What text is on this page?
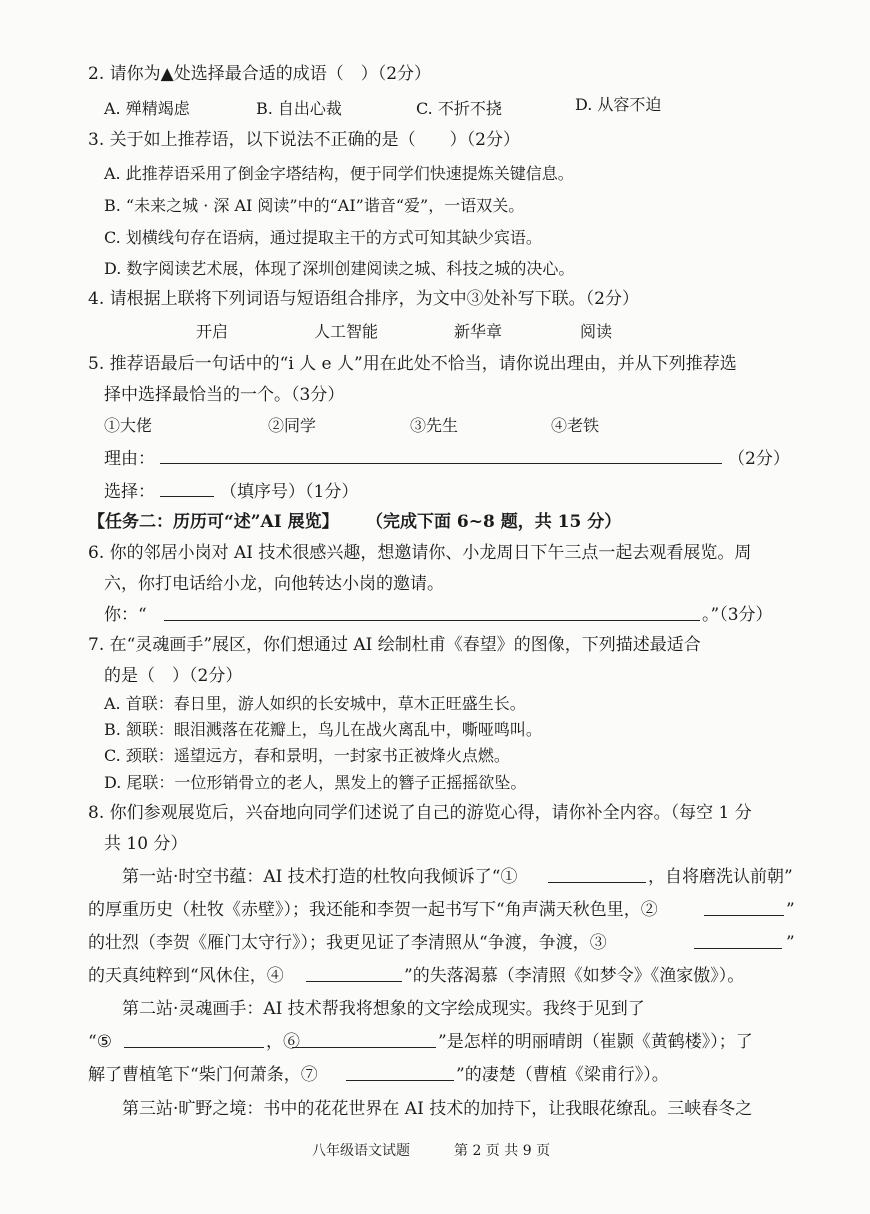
2. 请你为▲处选择最合适的成语（　）（2分）
A. 殚精竭虑	B. 自出心裁	C. 不折不挠	D. 从容不迫
3. 关于如上推荐语，以下说法不正确的是（　　）（2分）
A. 此推荐语采用了倒金字塔结构，便于同学们快速提炼关键信息。
B. “未来之城 · 深 AI 阅读”中的“AI”谐音“爱”，一语双关。
C. 划横线句存在语病，通过提取主干的方式可知其缺少宾语。
D. 数字阅读艺术展，体现了深圳创建阅读之城、科技之城的决心。
4. 请根据上联将下列词语与短语组合排序，为文中③处补写下联。（2分）
开启	人工智能	新华章	阅读
5. 推荐语最后一句话中的“i 人 e 人”用在此处不恰当，请你说出理由，并从下列推荐选
择中选择最恰当的一个。（3分）
①大佬	②同学	③先生	④老铁
理由：	（2分）
选择：	（填序号）（1分）
【任务二：历历可“述”AI 展览】 （完成下面 6~8 题，共 15 分）
6. 你的邻居小岗对 AI 技术很感兴趣，想邀请你、小龙周日下午三点一起去观看展览。周
六，你打电话给小龙，向他转达小岗的邀请。
你：“	。”（3分）
7. 在“灵魂画手”展区，你们想通过 AI 绘制杜甫《春望》的图像，下列描述最适合
的是（　）（2分）
A. 首联：春日里，游人如织的长安城中，草木正旺盛生长。
B. 颔联：眼泪溅落在花瓣上，鸟儿在战火离乱中，嘶哑鸣叫。
C. 颈联：遥望远方，春和景明，一封家书正被烽火点燃。
D. 尾联：一位形销骨立的老人，黑发上的簪子正摇摇欲坠。
8. 你们参观展览后，兴奋地向同学们述说了自己的游览心得，请你补全内容。（每空 1 分
共 10 分）
第一站·时空书蕴：AI 技术打造的杜牧向我倾诉了“①	，自将磨洗认前朝”
的厚重历史（杜牧《赤壁》）；我还能和李贺一起书写下“角声满天秋色里，②	”
的壮烈（李贺《雁门太守行》）；我更见证了李清照从“争渡，争渡，③	”
的天真纯粹到“风休住，④	”的失落渴慕（李清照《如梦令》《渔家傲》）。
第二站·灵魂画手：AI 技术帮我将想象的文字绘成现实。我终于见到了
“⑤	，⑥	”是怎样的明丽晴朗（崔颢《黄鹤楼》）；了
解了曹植笔下“柴门何萧条，⑦	”的凄楚（曹植《梁甫行》）。
第三站·旷野之境：书中的花花世界在 AI 技术的加持下，让我眼花缭乱。三峡春冬之
八年级语文试题	第 2 页 共 9 页
